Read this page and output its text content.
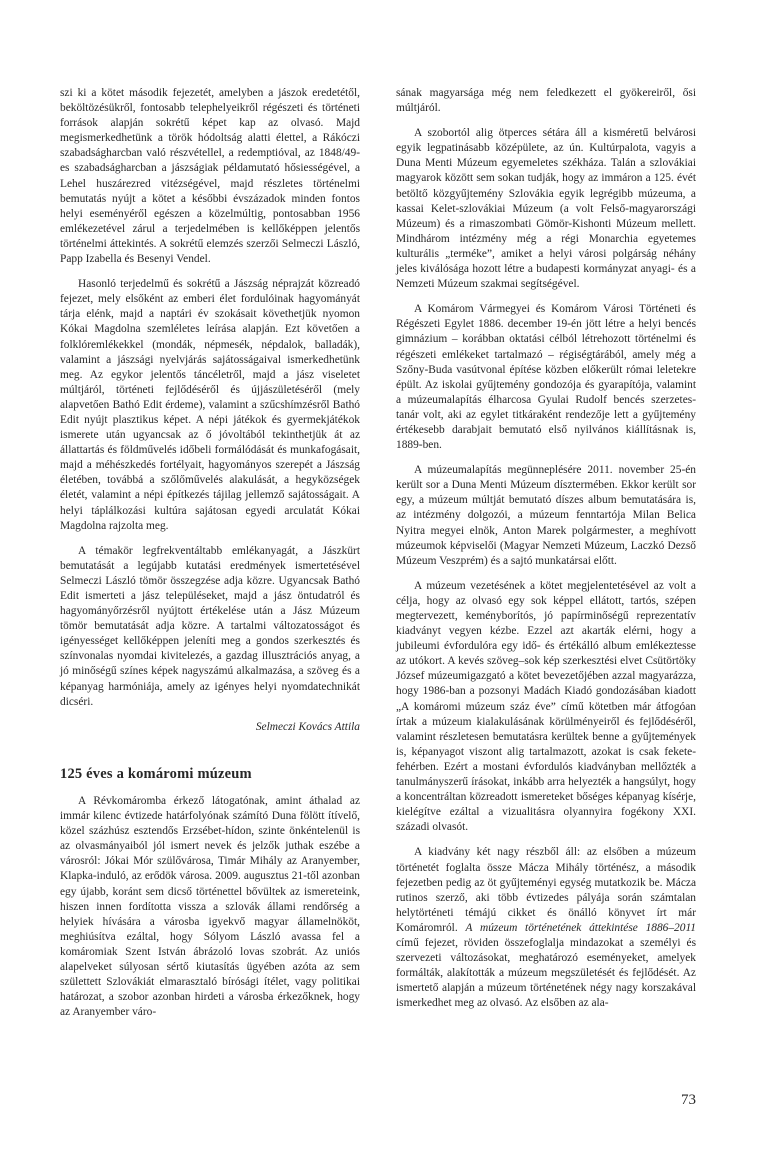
szi ki a kötet második fejezetét, amelyben a jászok eredetétől, beköltözésükről, fontosabb telephelyeikről régészeti és történeti források alapján sokrétű képet kap az olvasó. Majd megismerkedhetünk a török hódoltság alatti élettel, a Rákóczi szabadságharcban való részvétellel, a redemptióval, az 1848/49-es szabadságharcban a jászságiak példamutató hősiességével, a Lehel huszárezred vitézségével, majd részletes történelmi bemutatás nyújt a kötet a későbbi évszázadok minden fontos helyi eseményéről egészen a közelmúltig, pontosabban 1956 emlékezetével zárul a terjedelmében is kellőképpen jelentős történelmi áttekintés. A sokrétű elemzés szerzői Selmeczi László, Papp Izabella és Besenyi Vendel.

Hasonló terjedelmű és sokrétű a Jászság néprajzát közreadó fejezet, mely elsőként az emberi élet fordulóinak hagyományát tárja elénk, majd a naptári év szokásait követhetjük nyomon Kókai Magdolna szemléletes leírása alapján. Ezt követően a folklóremlékekkel (mondák, népmesék, népdalok, balladák), valamint a jászsági nyelvjárás sajátosságaival ismerkedhetünk meg. Az egykor jelentős táncéletről, majd a jász viseletet múltjáról, történeti fejlődéséről és újjászületéséről (mely alapvetően Bathó Edit érdeme), valamint a szűcshímzésről Bathó Edit nyújt plasztikus képet. A népi játékok és gyermekjátékok ismerete után ugyancsak az ő jóvoltából tekinthetjük át az állattartás és földművelés időbeli formálódását és munkafogásait, majd a méhészkedés fortélyait, hagyományos szerepét a Jászság életében, továbbá a szőlőművelés alakulását, a hegyközségek életét, valamint a népi építkezés tájilag jellemző sajátosságait. A helyi táplálkozási kultúra sajátosan egyedi arculatát Kókai Magdolna rajzolta meg.

A témakör legfrekventáltabb emlékanyagát, a Jászkürt bemutatását a legújabb kutatási eredmények ismertetésével Selmeczi László tömör összegzése adja közre. Ugyancsak Bathó Edit ismerteti a jász településeket, majd a jász öntudatról és hagyományőrzésről nyújtott értékelése után a Jász Múzeum tömör bemutatását adja közre. A tartalmi változatosságot és igényességet kellőképpen jeleníti meg a gondos szerkesztés és színvonalas nyomdai kivitelezés, a gazdag illusztrációs anyag, a jó minőségű színes képek nagyszámú alkalmazása, a szöveg és a képanyag harmóniája, amely az igényes helyi nyomdatechnikát dicséri.

Selmeczi Kovács Attila
125 éves a komáromi múzeum

A Révkomáromba érkező látogatónak, amint áthalad az immár kilenc évtizede határfolyónak számító Duna fölött ítívelő, közel százhúsz esztendős Erzsébet-hídon, szinte önkéntelenül is az olvasmányaiból jól ismert nevek és jelzők juthak eszébe a városról: Jókai Mór szülővárosa, Timár Mihály az Aranyember, Klapka-induló, az erődök városa. 2009. augusztus 21-től azonban egy újabb, koránt sem dicső történettel bővültek az ismereteink, hiszen innen fordította vissza a szlovák állami rendőrség a helyiek hívására a városba igyekvő magyar államelnököt, meghiúsítva ezáltal, hogy Sólyom László avassa fel a komáromiak Szent István ábrázoló lovas szobrát. Az uniós alapelveket súlyosan sértő kiutasítás ügyében azóta az sem születtett Szlovákiát elmarasztaló bírósági ítélet, vagy politikai határozat, a szobor azonban hirdeti a városba érkezőknek, hogy az Aranyember váro-

sának magyarsága még nem feledkezett el gyökereiről, ősi múltjáról.

A szobortól alig ötperces sétára áll a kisméretű belvárosi egyik legpatinásabb középülete, az ún. Kultúrpalota, vagyis a Duna Menti Múzeum egyemeletes székháza. Talán a szlovákiai magyarok között sem sokan tudják, hogy az immáron a 125. évét betöltő közgyűjtemény Szlovákia egyik legrégibb múzeuma, a kassai Kelet-szlovákiai Múzeum (a volt Felső-magyarországi Múzeum) és a rimaszombati Gömör-Kishonti Múzeum mellett. Mindhárom intézmény még a régi Monarchia egyetemes kulturális „terméke”, amiket a helyi városi polgárság néhány jeles kiválósága hozott létre a budapesti kormányzat anyagi- és a Nemzeti Múzeum szakmai segítségével.

A Komárom Vármegyei és Komárom Városi Történeti és Régészeti Egylet 1886. december 19-én jött létre a helyi bencés gimnázium – korábban oktatási célból létrehozott történelmi és régészeti emlékeket tartalmazó – régiségtárából, amely még a Szőny-Buda vasútvonal építése közben előkerült római leletekre épült. Az iskolai gyűjtemény gondozója és gyarapítója, valamint a múzeumalapítás élharcosa Gyulai Rudolf bencés szerzetes-tanár volt, aki az egylet titkáraként rendezője lett a gyűjtemény értékesebb darabjait bemutató első nyilvános kiállításnak is, 1889-ben.

A múzeumalapítás megünneplésére 2011. november 25-én került sor a Duna Menti Múzeum dísztermében. Ekkor került sor egy, a múzeum múltját bemutató díszes album bemutatására is, az intézmény dolgozói, a múzeum fenntartója Milan Belica Nyitra megyei elnök, Anton Marek polgármester, a meghívott múzeumok képviselői (Magyar Nemzeti Múzeum, Laczkó Dezső Múzeum Veszprém) és a sajtó munkatársai előtt.

A múzeum vezetésének a kötet megjelentetésével az volt a célja, hogy az olvasó egy sok képpel ellátott, tartós, szépen megtervezett, keményborítós, jó papírminőségű reprezentatív kiadványt vegyen kézbe. Ezzel azt akarták elérni, hogy a jubileumi évfordulóra egy idő- és értékálló album emlékeztesse az utókort. A kevés szöveg–sok kép szerkesztési elvet Csütörtöky József múzeumigazgató a kötet bevezetőjében azzal magyarázza, hogy 1986-ban a pozsonyi Madách Kiadó gondozásában kiadott „A komáromi múzeum száz éve” című kötetben már átfogóan írtak a múzeum kialakulásának körülményeiről és fejlődéséről, valamint részletesen bemutatásra kerültek benne a gyűjtemények is, képanyagot viszont alig tartalmazott, azokat is csak fekete-fehérben. Ezért a mostani évfordulós kiadványban mellőzték a tanulmányszerű írásokat, inkább arra helyezték a hangsúlyt, hogy a koncentráltan közreadott ismereteket bőséges képanyag kísérje, kielégítve ezáltal a vizualitásra olyannyira fogékony XXI. századi olvasót.

A kiadvány két nagy részből áll: az elsőben a múzeum történetét foglalta össze Mácza Mihály történész, a második fejezetben pedig az öt gyűjteményi egység mutatkozik be. Mácza rutinos szerző, aki több évtizedes pályája során számtalan helytörténeti témájú cikket és önálló könyvet írt már Komáromról. A múzeum történetének áttekintése 1886–2011 című fejezet, röviden összefoglalja mindazokat a személyi és szervezeti változásokat, meghatározó eseményeket, amelyek formálták, alakították a múzeum megszületését és fejlődését. Az ismertető alapján a múzeum történetének négy nagy korszakával ismerkedhet meg az olvasó. Az elsőben az ala-

73
